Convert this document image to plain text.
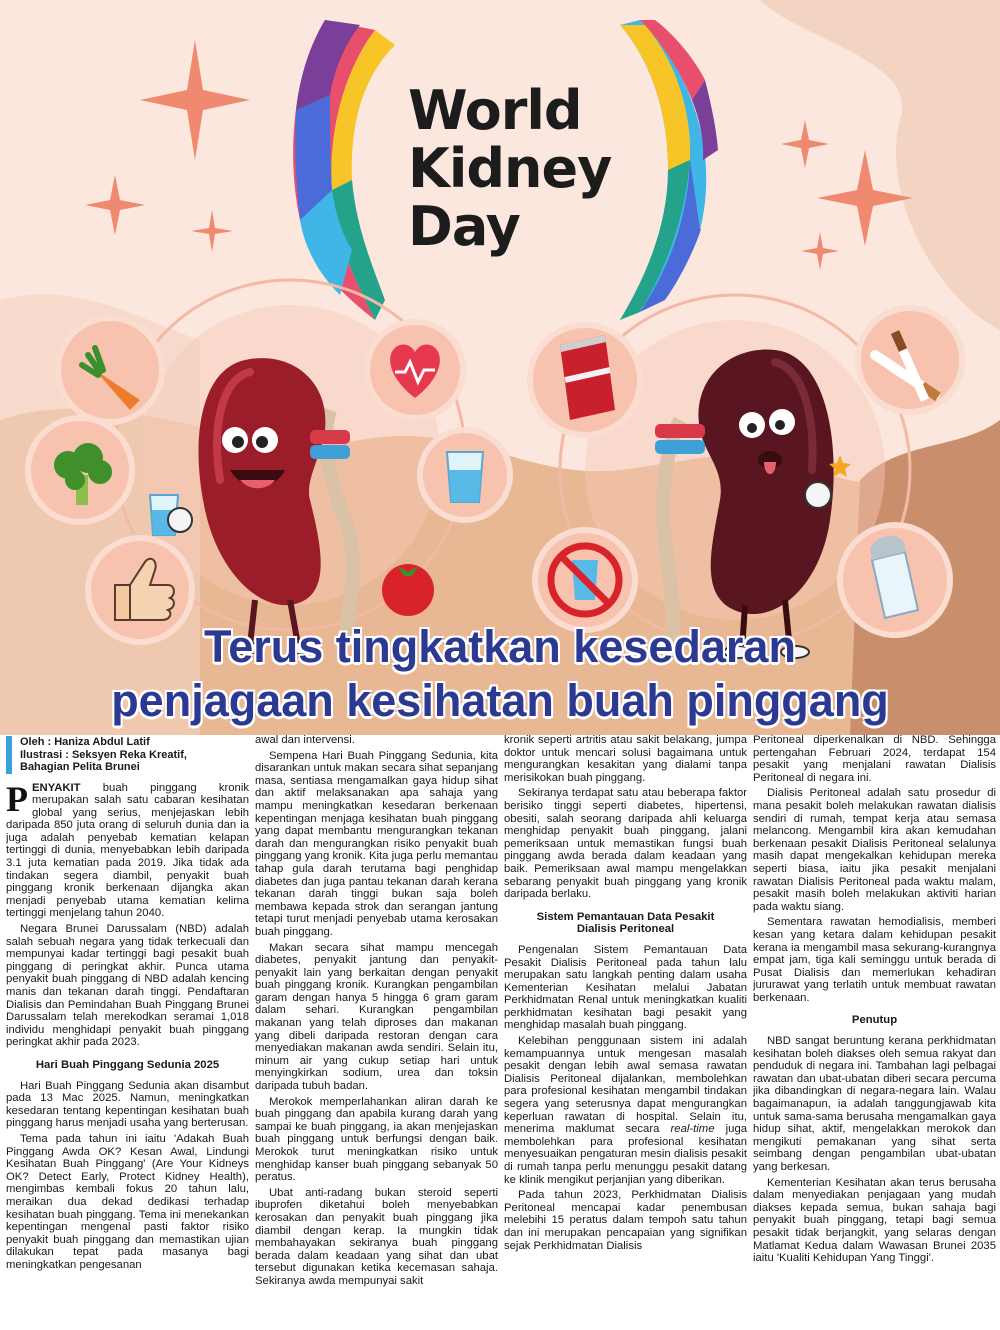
World
Kidney
Day
Terus tingkatkan kesedaran
penjagaan kesihatan buah pinggang
Oleh : Haniza Abdul Latif
Ilustrasi : Seksyen Reka Kreatif,
Bahagian Pelita Brunei

PENYAKIT buah pinggang kronik merupakan salah satu cabaran kesihatan global yang serius, menjejaskan lebih daripada 850 juta orang di seluruh dunia dan ia juga adalah penyebab kematian kelapan tertinggi di dunia, menyebabkan lebih daripada 3.1 juta kematian pada 2019. Jika tidak ada tindakan segera diambil, penyakit buah pinggang kronik berkenaan dijangka akan menjadi penyebab utama kematian kelima tertinggi menjelang tahun 2040.

Negara Brunei Darussalam (NBD) adalah salah sebuah negara yang tidak terkecuali dan mempunyai kadar tertinggi bagi pesakit buah pinggang di peringkat akhir. Punca utama penyakit buah pinggang di NBD adalah kencing manis dan tekanan darah tinggi. Pendaftaran Dialisis dan Pemindahan Buah Pinggang Brunei Darussalam telah merekodkan seramai 1,018 individu menghidapi penyakit buah pinggang peringkat akhir pada 2023.

Hari Buah Pinggang Sedunia 2025

Hari Buah Pinggang Sedunia akan disambut pada 13 Mac 2025. Namun, meningkatkan kesedaran tentang kepentingan kesihatan buah pinggang harus menjadi usaha yang berterusan.

Tema pada tahun ini iaitu 'Adakah Buah Pinggang Awda OK? Kesan Awal, Lindungi Kesihatan Buah Pinggang' (Are Your Kidneys OK? Detect Early, Protect Kidney Health), mengimbas kembali fokus 20 tahun lalu, meraikan dua dekad dedikasi terhadap kesihatan buah pinggang. Tema ini menekankan kepentingan mengenal pasti faktor risiko penyakit buah pinggang dan memastikan ujian dilakukan tepat pada masanya bagi meningkatkan pengesanan

awal dan intervensi.

Sempena Hari Buah Pinggang Sedunia, kita disarankan untuk makan secara sihat sepanjang masa, sentiasa mengamalkan gaya hidup sihat dan aktif melaksanakan apa sahaja yang mampu meningkatkan kesedaran berkenaan kepentingan menjaga kesihatan buah pinggang yang dapat membantu mengurangkan tekanan darah dan mengurangkan risiko penyakit buah pinggang yang kronik. Kita juga perlu memantau tahap gula darah terutama bagi penghidap diabetes dan juga pantau tekanan darah kerana tekanan darah tinggi bukan saja boleh membawa kepada strok dan serangan jantung tetapi turut menjadi penyebab utama kerosakan buah pinggang.

Makan secara sihat mampu mencegah diabetes, penyakit jantung dan penyakit-penyakit lain yang berkaitan dengan penyakit buah pinggang kronik. Kurangkan pengambilan garam dengan hanya 5 hingga 6 gram garam dalam sehari. Kurangkan pengambilan makanan yang telah diproses dan makanan yang dibeli daripada restoran dengan cara menyediakan makanan awda sendiri. Selain itu, minum air yang cukup setiap hari untuk menyingkirkan sodium, urea dan toksin daripada tubuh badan.

Merokok memperlahankan aliran darah ke buah pinggang dan apabila kurang darah yang sampai ke buah pinggang, ia akan menjejaskan buah pinggang untuk berfungsi dengan baik. Merokok turut meningkatkan risiko untuk menghidap kanser buah pinggang sebanyak 50 peratus.

Ubat anti-radang bukan steroid seperti ibuprofen diketahui boleh menyebabkan kerosakan dan penyakit buah pinggang jika diambil dengan kerap. Ia mungkin tidak membahayakan sekiranya buah pinggang berada dalam keadaan yang sihat dan ubat tersebut digunakan ketika kecemasan sahaja. Sekiranya awda mempunyai sakit

kronik seperti artritis atau sakit belakang, jumpa doktor untuk mencari solusi bagaimana untuk mengurangkan kesakitan yang dialami tanpa merisikokan buah pinggang.

Sekiranya terdapat satu atau beberapa faktor berisiko tinggi seperti diabetes, hipertensi, obesiti, salah seorang daripada ahli keluarga menghidap penyakit buah pinggang, jalani pemeriksaan untuk memastikan fungsi buah pinggang awda berada dalam keadaan yang baik. Pemeriksaan awal mampu mengelakkan sebarang penyakit buah pinggang yang kronik daripada berlaku.

Sistem Pemantauan Data Pesakit
Dialisis Peritoneal

Pengenalan Sistem Pemantauan Data Pesakit Dialisis Peritoneal pada tahun lalu merupakan satu langkah penting dalam usaha Kementerian Kesihatan melalui Jabatan Perkhidmatan Renal untuk meningkatkan kualiti perkhidmatan kesihatan bagi pesakit yang menghidap masalah buah pinggang.

Kelebihan penggunaan sistem ini adalah kemampuannya untuk mengesan masalah pesakit dengan lebih awal semasa rawatan Dialisis Peritoneal dijalankan, membolehkan para profesional kesihatan mengambil tindakan segera yang seterusnya dapat mengurangkan keperluan rawatan di hospital. Selain itu, menerima maklumat secara real-time juga membolehkan para profesional kesihatan menyesuaikan pengaturan mesin dialisis pesakit di rumah tanpa perlu menunggu pesakit datang ke klinik mengikut perjanjian yang diberikan.

Pada tahun 2023, Perkhidmatan Dialisis Peritoneal mencapai kadar penembusan melebihi 15 peratus dalam tempoh satu tahun dan ini merupakan pencapaian yang signifikan sejak Perkhidmatan Dialisis

Peritoneal diperkenalkan di NBD. Sehingga pertengahan Februari 2024, terdapat 154 pesakit yang menjalani rawatan Dialisis Peritoneal di negara ini.

Dialisis Peritoneal adalah satu prosedur di mana pesakit boleh melakukan rawatan dialisis sendiri di rumah, tempat kerja atau semasa melancong. Mengambil kira akan kemudahan berkenaan pesakit Dialisis Peritoneal selalunya masih dapat mengekalkan kehidupan mereka seperti biasa, iaitu jika pesakit menjalani rawatan Dialisis Peritoneal pada waktu malam, pesakit masih boleh melakukan aktiviti harian pada waktu siang.

Sementara rawatan hemodialisis, memberi kesan yang ketara dalam kehidupan pesakit kerana ia mengambil masa sekurang-kurangnya empat jam, tiga kali seminggu untuk berada di Pusat Dialisis dan memerlukan kehadiran jururawat yang terlatih untuk membuat rawatan berkenaan.

Penutup

NBD sangat beruntung kerana perkhidmatan kesihatan boleh diakses oleh semua rakyat dan penduduk di negara ini. Tambahan lagi pelbagai rawatan dan ubat-ubatan diberi secara percuma jika dibandingkan di negara-negara lain. Walau bagaimanapun, ia adalah tanggungjawab kita untuk sama-sama berusaha mengamalkan gaya hidup sihat, aktif, mengelakkan merokok dan mengikuti pemakanan yang sihat serta seimbang dengan pengambilan ubat-ubatan yang berkesan.

Kementerian Kesihatan akan terus berusaha dalam menyediakan penjagaan yang mudah diakses kepada semua, bukan sahaja bagi penyakit buah pinggang, tetapi bagi semua pesakit tidak berjangkit, yang selaras dengan Matlamat Kedua dalam Wawasan Brunei 2035 iaitu 'Kualiti Kehidupan Yang Tinggi'.
